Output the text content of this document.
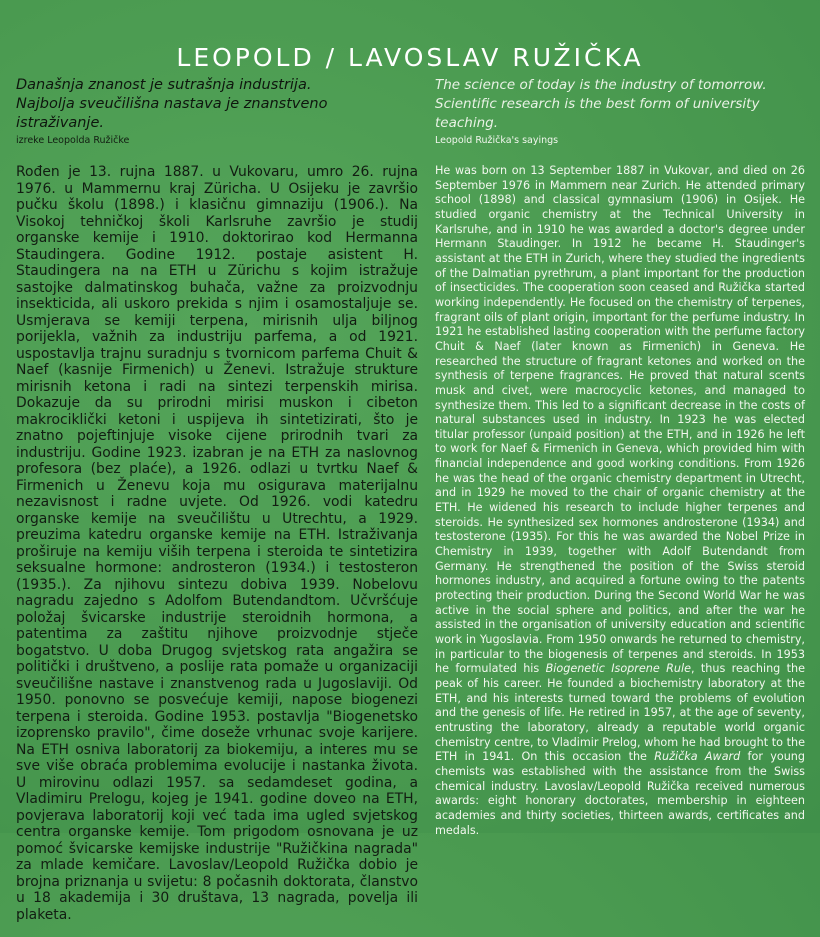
LEOPOLD / LAVOSLAV RUŽIČKA
Današnja znanost je sutrašnja industrija.
Najbolja sveučilišna nastava je znanstveno istraživanje.
izreke Leopolda Ružičke

Rođen je 13. rujna 1887. u Vukovaru, umro 26. rujna 1976. u Mammernu kraj Züricha. U Osijeku je završio pučku školu (1898.) i klasičnu gimnaziju (1906.). Na Visokoj tehničkoj školi Karlsruhe završio je studij organske kemije i 1910. doktorirao kod Hermanna Staudingera. Godine 1912. postaje asistent H. Staudingera na na ETH u Zürichu s kojim istražuje sastojke dalmatinskog buhača, važne za proizvodnju insekticida, ali uskoro prekida s njim i osamostaljuje se. Usmjerava se kemiji terpena, mirisnih ulja biljnog porijekla, važnih za industriju parfema, a od 1921. uspostavlja trajnu suradnju s tvornicom parfema Chuit & Naef (kasnije Firmenich) u Ženevi. Istražuje strukture mirisnih ketona i radi na sintezi terpenskih mirisa. Dokazuje da su prirodni mirisi muskon i cibeton makrociklički ketoni i uspijeva ih sintetizirati, što je znatno pojeftinjuje visoke cijene prirodnih tvari za industriju. Godine 1923. izabran je na ETH za naslovnog profesora (bez plaće), a 1926. odlazi u tvrtku Naef & Firmenich u Ženevu koja mu osigurava materijalnu nezavisnost i radne uvjete. Od 1926. vodi katedru organske kemije na sveučilištu u Utrechtu, a 1929. preuzima katedru organske kemije na ETH. Istraživanja proširuje na kemiju viših terpena i steroida te sintetizira seksualne hormone: androsteron (1934.) i testosteron (1935.). Za njihovu sintezu dobiva 1939. Nobelovu nagradu zajedno s Adolfom Butendandtom. Učvršćuje položaj švicarske industrije steroidnih hormona, a patentima za zaštitu njihove proizvodnje stječe bogatstvo. U doba Drugog svjetskog rata angažira se politički i društveno, a poslije rata pomaže u organizaciji sveučilišne nastave i znanstvenog rada u Jugoslaviji. Od 1950. ponovno se posvećuje kemiji, napose biogenezi terpena i steroida. Godine 1953. postavlja "Biogenetsko izoprensko pravilo", čime doseže vrhunac svoje karijere. Na ETH osniva laboratorij za biokemiju, a interes mu se sve više obraća problemima evolucije i nastanka života. U mirovinu odlazi 1957. sa sedamdeset godina, a Vladimiru Prelogu, kojeg je 1941. godine doveo na ETH, povjerava laboratorij koji već tada ima ugled svjetskog centra organske kemije. Tom prigodom osnovana je uz pomoć švicarske kemijske industrije "Ružičkina nagrada" za mlade kemičare. Lavoslav/Leopold Ružička dobio je brojna priznanja u svijetu: 8 počasnih doktorata, članstvo u 18 akademija i 30 društava, 13 nagrada, povelja ili plaketa.

The science of today is the industry of tomorrow.
Scientific research is the best form of university teaching.
Leopold Ružička's sayings

He was born on 13 September 1887 in Vukovar, and died on 26 September 1976 in Mammern near Zurich. He attended primary school (1898) and classical gymnasium (1906) in Osijek. He studied organic chemistry at the Technical University in Karlsruhe, and in 1910 he was awarded a doctor's degree under Hermann Staudinger. In 1912 he became H. Staudinger's assistant at the ETH in Zurich, where they studied the ingredients of the Dalmatian pyrethrum, a plant important for the production of insecticides. The cooperation soon ceased and Ružička started working independently. He focused on the chemistry of terpenes, fragrant oils of plant origin, important for the perfume industry. In 1921 he established lasting cooperation with the perfume factory Chuit & Naef (later known as Firmenich) in Geneva. He researched the structure of fragrant ketones and worked on the synthesis of terpene fragrances. He proved that natural scents musk and civet, were macrocyclic ketones, and managed to synthesize them. This led to a significant decrease in the costs of natural substances used in industry. In 1923 he was elected titular professor (unpaid position) at the ETH, and in 1926 he left to work for Naef & Firmenich in Geneva, which provided him with financial independence and good working conditions. From 1926 he was the head of the organic chemistry department in Utrecht, and in 1929 he moved to the chair of organic chemistry at the ETH. He widened his research to include higher terpenes and steroids. He synthesized sex hormones androsterone (1934) and testosterone (1935). For this he was awarded the Nobel Prize in Chemistry in 1939, together with Adolf Butendandt from Germany. He strengthened the position of the Swiss steroid hormones industry, and acquired a fortune owing to the patents protecting their production. During the Second World War he was active in the social sphere and politics, and after the war he assisted in the organisation of university education and scientific work in Yugoslavia. From 1950 onwards he returned to chemistry, in particular to the biogenesis of terpenes and steroids. In 1953 he formulated his Biogenetic Isoprene Rule, thus reaching the peak of his career. He founded a biochemistry laboratory at the ETH, and his interests turned toward the problems of evolution and the genesis of life. He retired in 1957, at the age of seventy, entrusting the laboratory, already a reputable world organic chemistry centre, to Vladimir Prelog, whom he had brought to the ETH in 1941. On this occasion the Ružička Award for young chemists was established with the assistance from the Swiss chemical industry. Lavoslav/Leopold Ružička received numerous awards: eight honorary doctorates, membership in eighteen academies and thirty societies, thirteen awards, certificates and medals.
